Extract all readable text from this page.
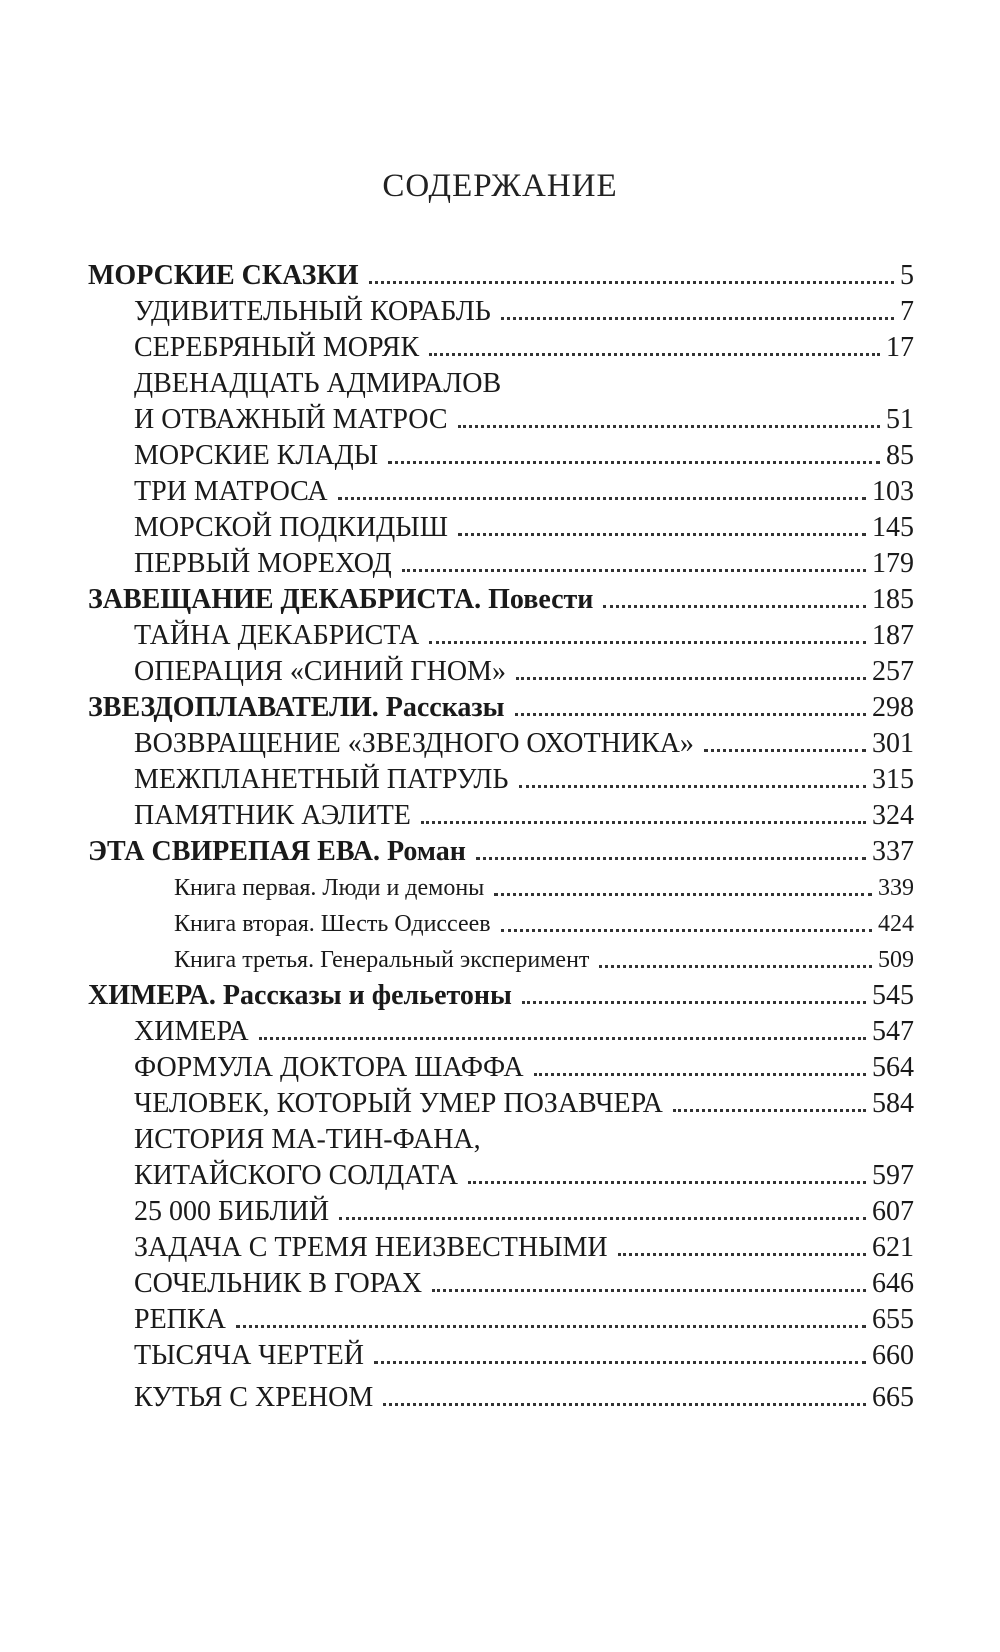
СОДЕРЖАНИЕ
МОРСКИЕ СКАЗКИ	5
УДИВИТЕЛЬНЫЙ КОРАБЛЬ	7
СЕРЕБРЯНЫЙ МОРЯК	17
ДВЕНАДЦАТЬ АДМИРАЛОВ
И ОТВАЖНЫЙ МАТРОС	51
МОРСКИЕ КЛАДЫ	85
ТРИ МАТРОСА	103
МОРСКОЙ ПОДКИДЫШ	145
ПЕРВЫЙ МОРЕХОД	179
ЗАВЕЩАНИЕ ДЕКАБРИСТА. Повести	185
ТАЙНА ДЕКАБРИСТА	187
ОПЕРАЦИЯ «СИНИЙ ГНОМ»	257
ЗВЕЗДОПЛАВАТЕЛИ. Рассказы	298
ВОЗВРАЩЕНИЕ «ЗВЕЗДНОГО ОХОТНИКА»	301
МЕЖПЛАНЕТНЫЙ ПАТРУЛЬ	315
ПАМЯТНИК АЭЛИТЕ	324
ЭТА СВИРЕПАЯ ЕВА. Роман	337
Книга первая. Люди и демоны	339
Книга вторая. Шесть Одиссеев	424
Книга третья. Генеральный эксперимент	509
ХИМЕРА. Рассказы и фельетоны	545
ХИМЕРА	547
ФОРМУЛА ДОКТОРА ШАФФА	564
ЧЕЛОВЕК, КОТОРЫЙ УМЕР ПОЗАВЧЕРА	584
ИСТОРИЯ МА-ТИН-ФАНА,
КИТАЙСКОГО СОЛДАТА	597
25 000 БИБЛИЙ	607
ЗАДАЧА С ТРЕМЯ НЕИЗВЕСТНЫМИ	621
СОЧЕЛЬНИК В ГОРАХ	646
РЕПКА	655
ТЫСЯЧА ЧЕРТЕЙ	660
КУТЬЯ С ХРЕНОМ	665
